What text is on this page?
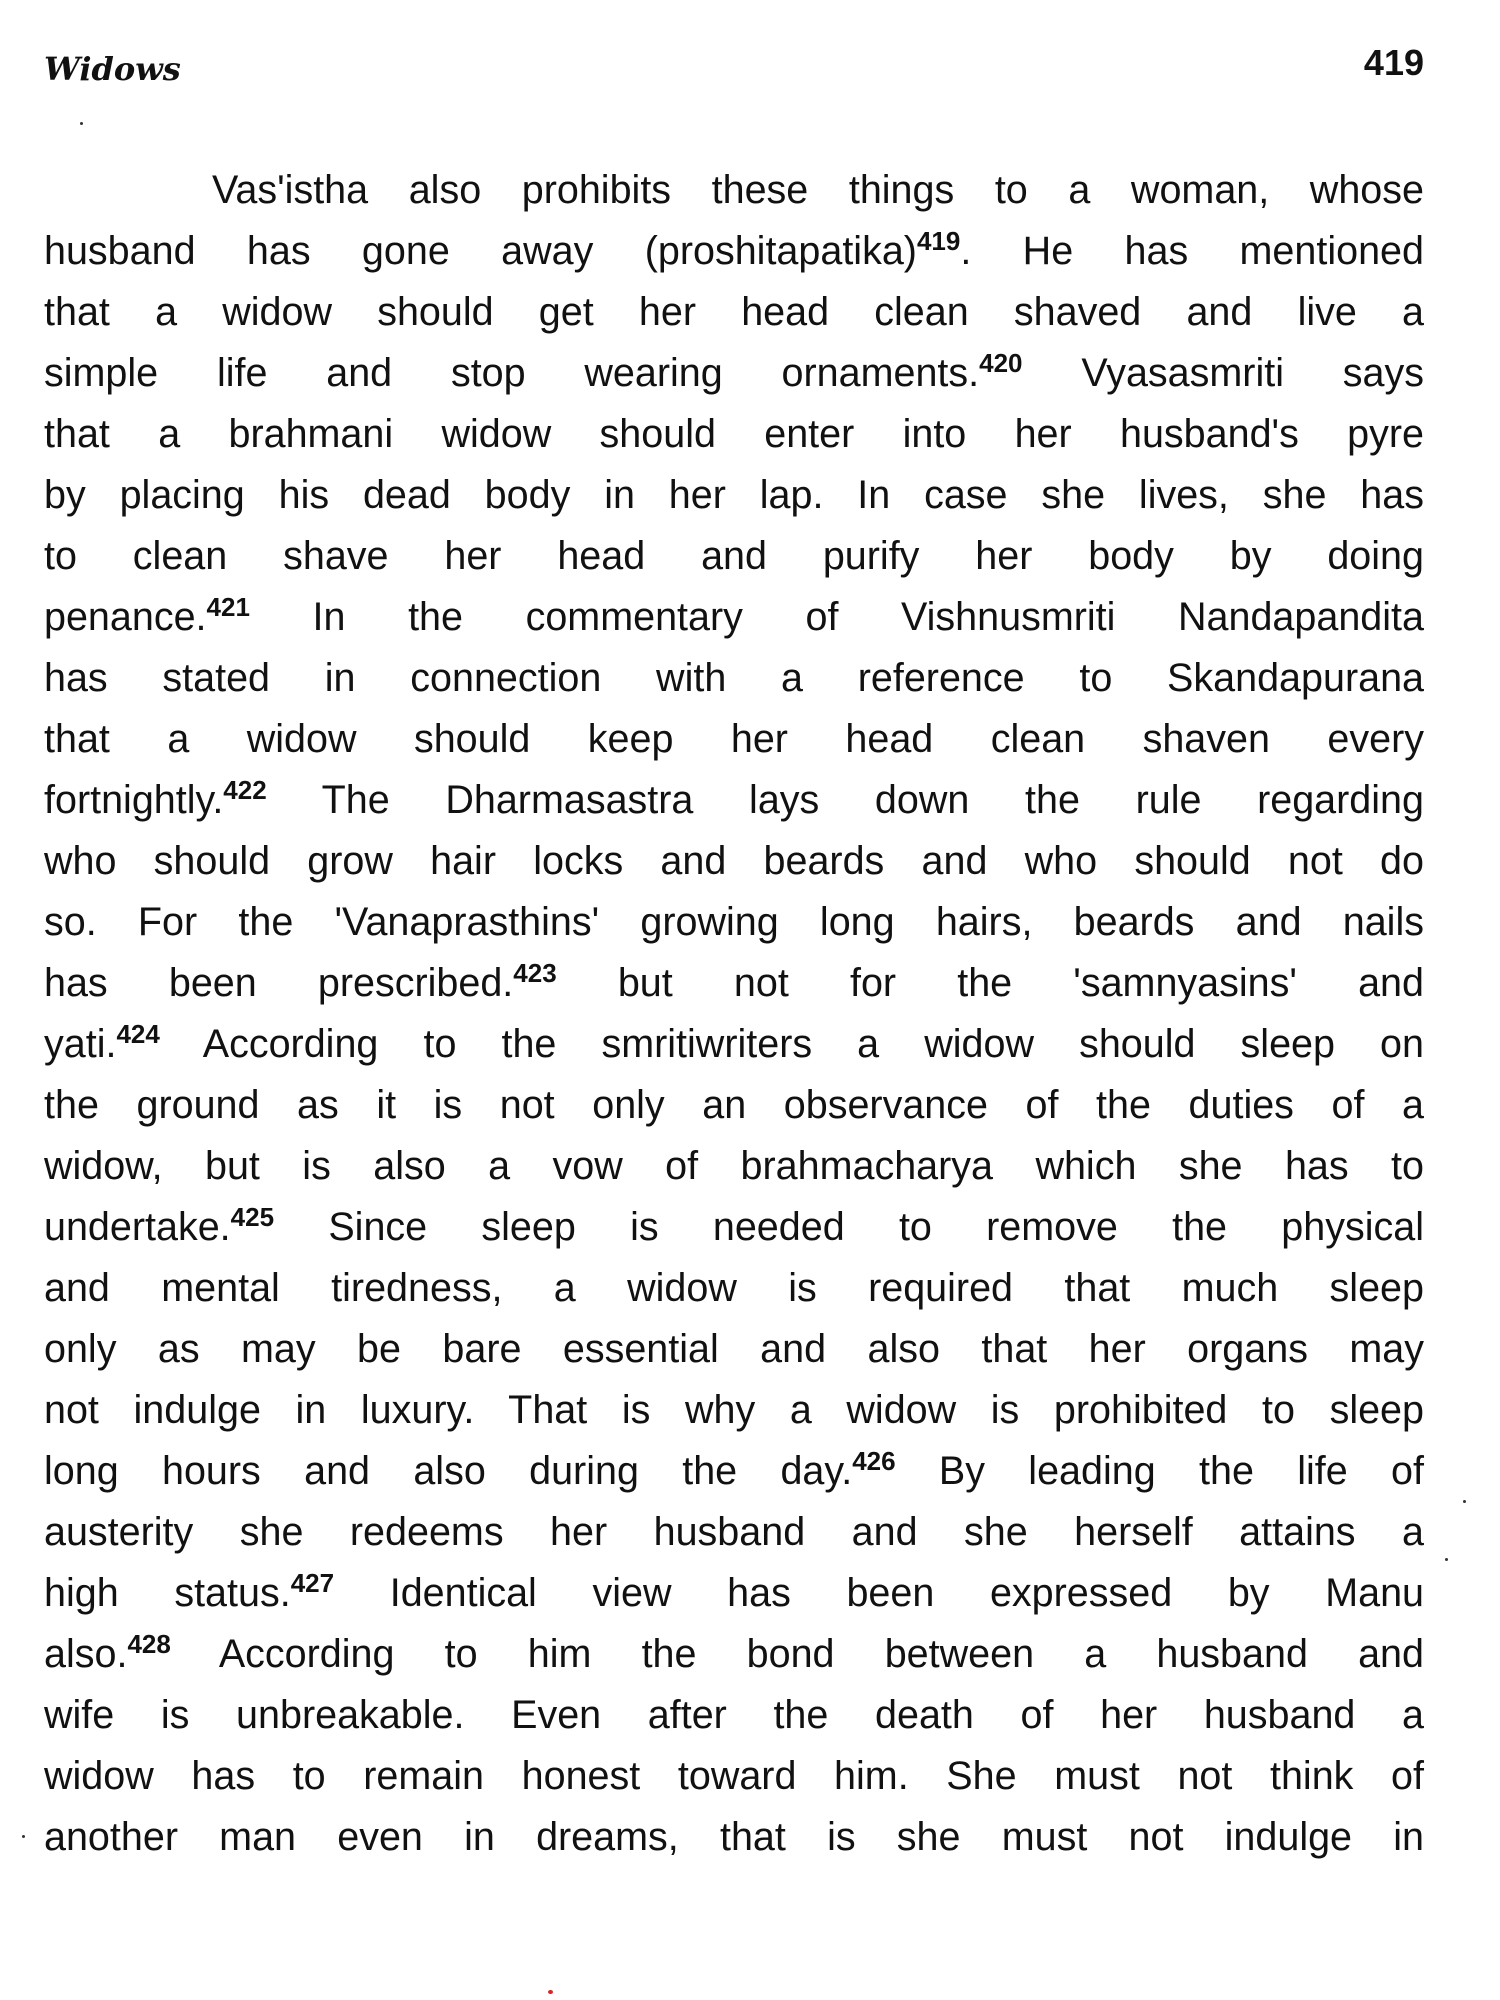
Widows	419
Vas'istha also prohibits these things to a woman, whose
husband has gone away (proshitapatika)$^{419}$. He has mentioned
that a widow should get her head clean shaved and live a
simple life and stop wearing ornaments.$^{420}$ Vyasasmriti says
that a brahmani widow should enter into her husband's pyre
by placing his dead body in her lap. In case she lives, she has
to clean shave her head and purify her body by doing
penance.$^{421}$ In the commentary of Vishnusmriti Nandapandita
has stated in connection with a reference to Skandapurana
that a widow should keep her head clean shaven every
fortnightly.$^{422}$ The Dharmasastra lays down the rule regarding
who should grow hair locks and beards and who should not do
so. For the 'Vanaprasthins' growing long hairs, beards and nails
has been prescribed.$^{423}$ but not for the 'samnyasins' and
yati.$^{424}$ According to the smritiwriters a widow should sleep on
the ground as it is not only an observance of the duties of a
widow, but is also a vow of brahmacharya which she has to
undertake.$^{425}$ Since sleep is needed to remove the physical
and mental tiredness, a widow is required that much sleep
only as may be bare essential and also that her organs may
not indulge in luxury. That is why a widow is prohibited to sleep
long hours and also during the day.$^{426}$ By leading the life of
austerity she redeems her husband and she herself attains a
high status.$^{427}$ Identical view has been expressed by Manu
also.$^{428}$ According to him the bond between a husband and
wife is unbreakable. Even after the death of her husband a
widow has to remain honest toward him. She must not think of
another man even in dreams, that is she must not indulge in
